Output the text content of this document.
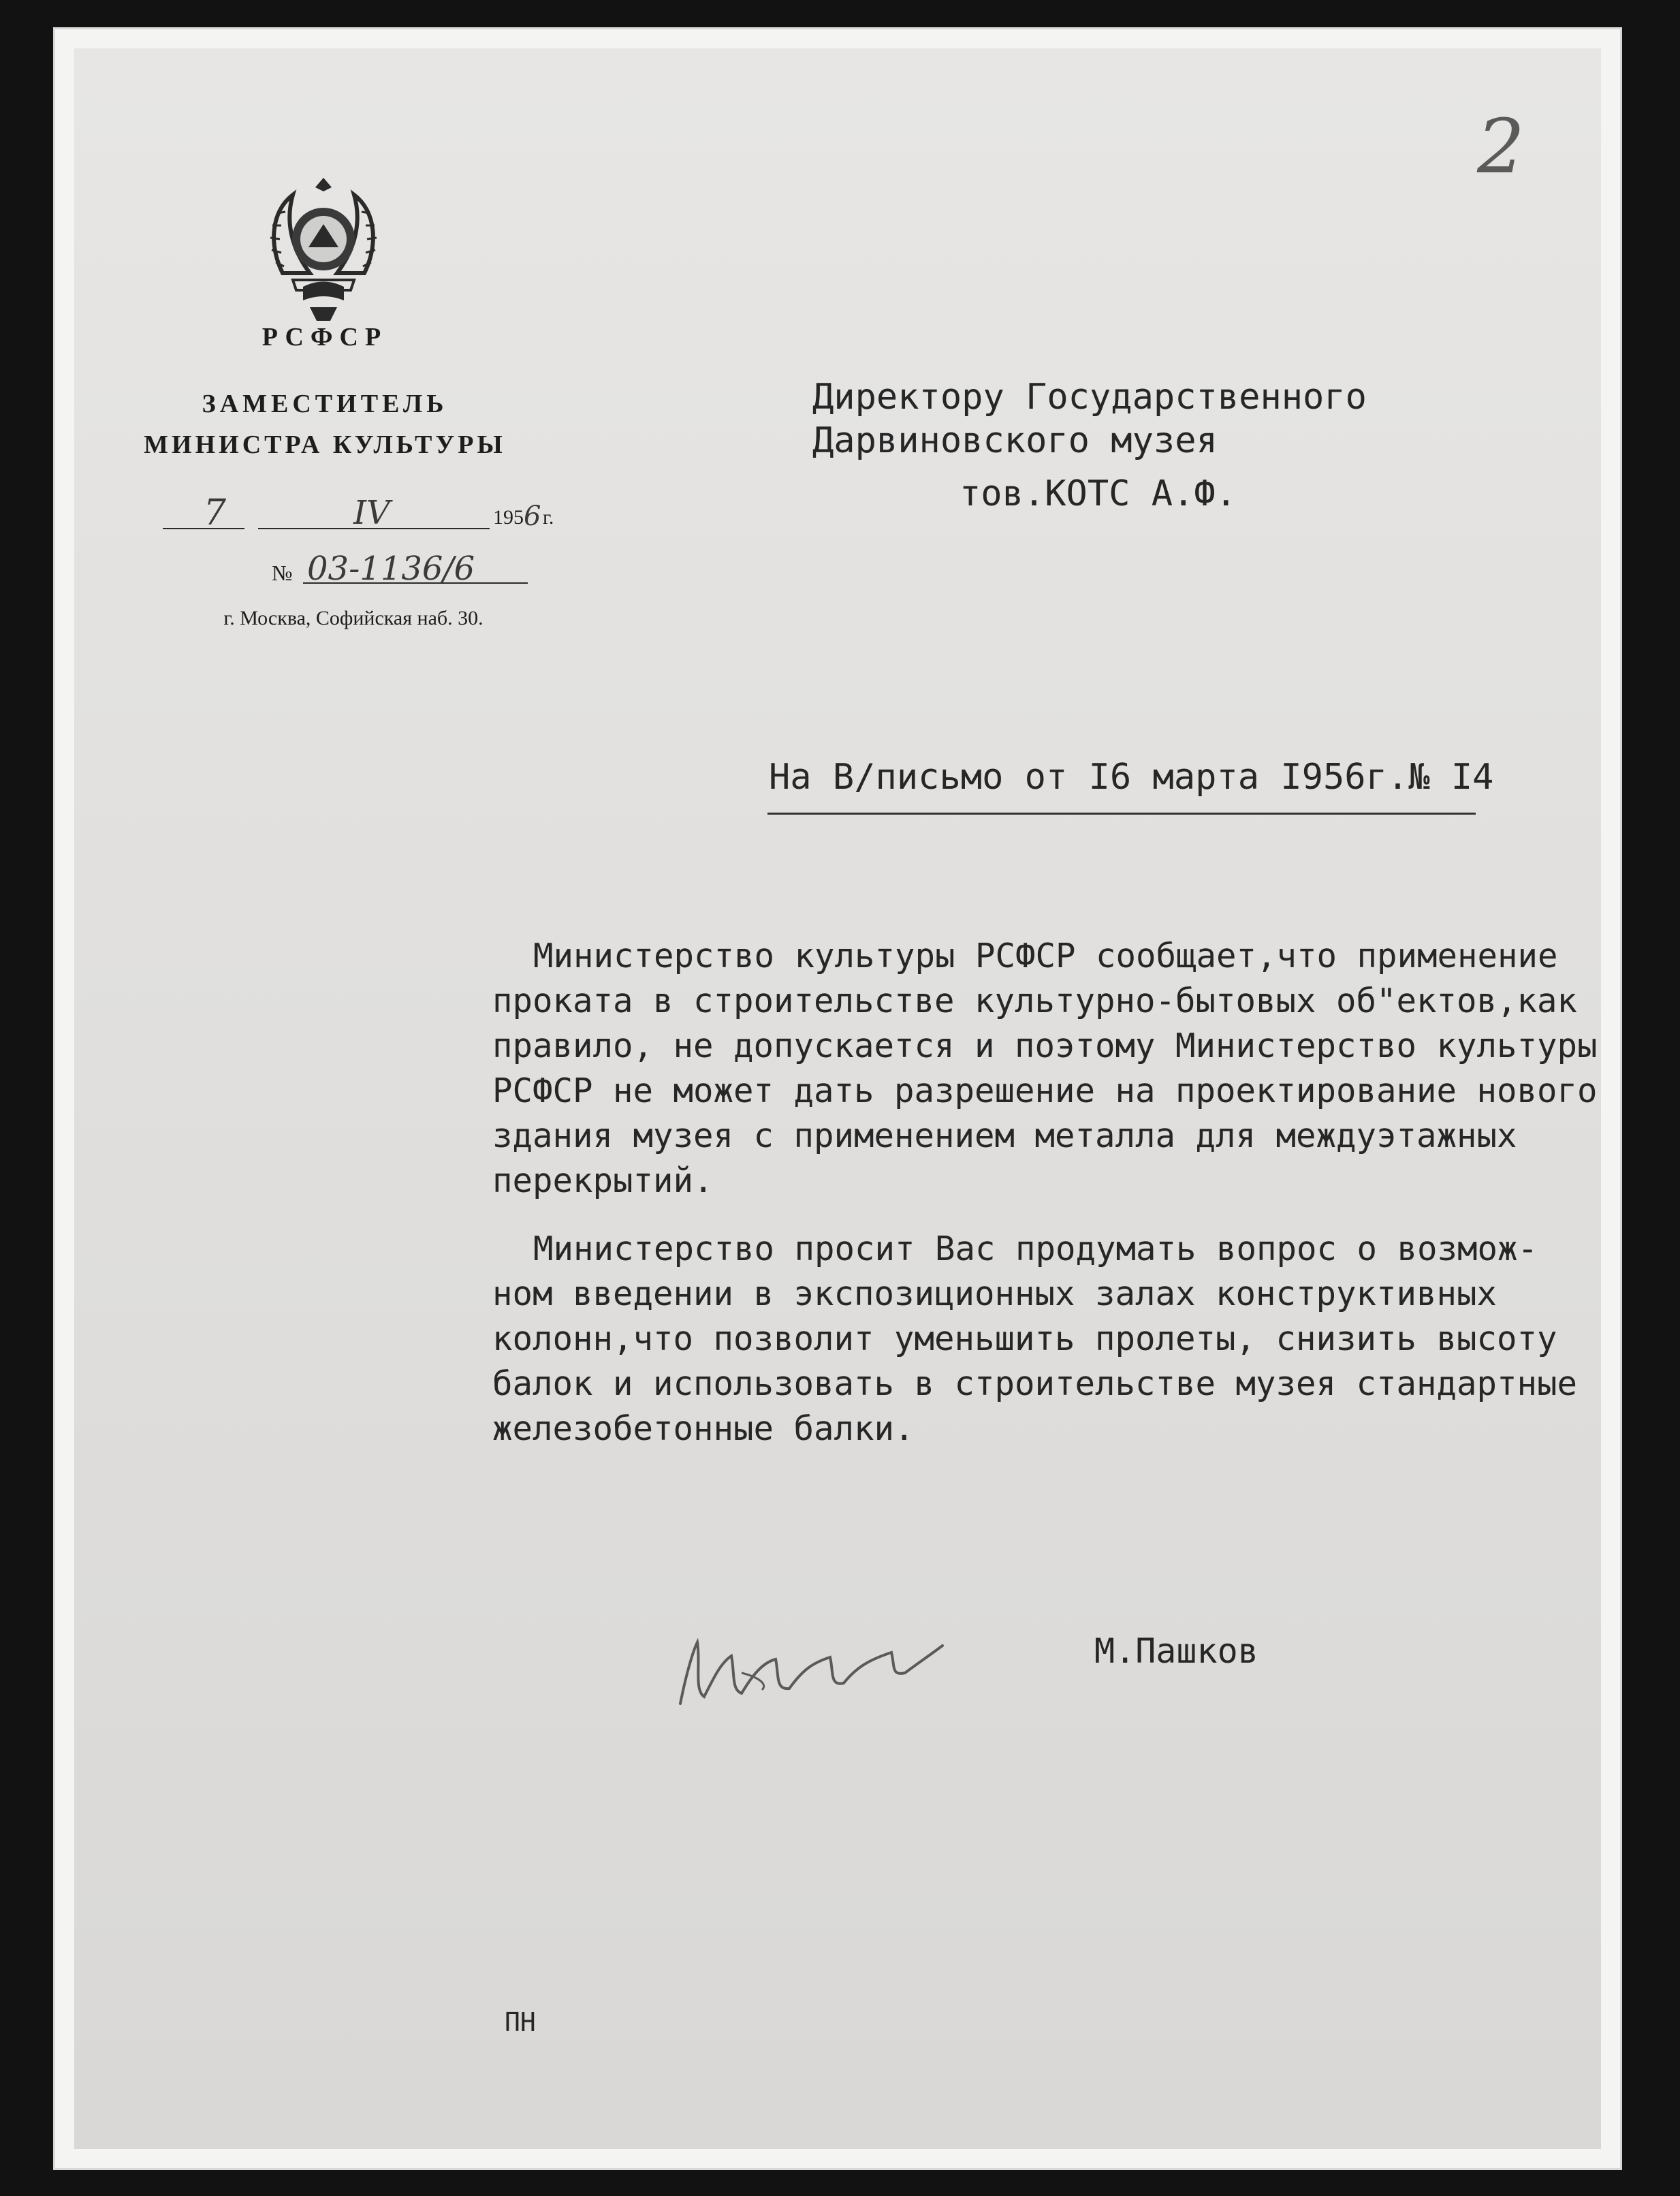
2
РСФСР
ЗАМЕСТИТЕЛЬ
МИНИСТРА КУЛЬТУРЫ
7	IV	195 6 г.
№ 03-1136/6
г. Москва, Софийская наб. 30.
Директору Государственного
Дарвиновского музея
тов.КОТС А.Ф.
На В/письмо от I6 марта I956г.№ I4
Министерство культуры РСФСР сообщает,что применение
проката в строительстве культурно-бытовых об"ектов,как
правило, не допускается и поэтому Министерство культуры
РСФСР не может дать разрешение на проектирование нового
здания музея с применением металла для междуэтажных
перекрытий.
Министерство просит Вас продумать вопрос о возмож-
ном введении в экспозиционных залах конструктивных
колонн,что позволит уменьшить пролеты, снизить высоту
балок и использовать в строительстве музея стандартные
железобетонные балки.
М.Пашков
ПН
